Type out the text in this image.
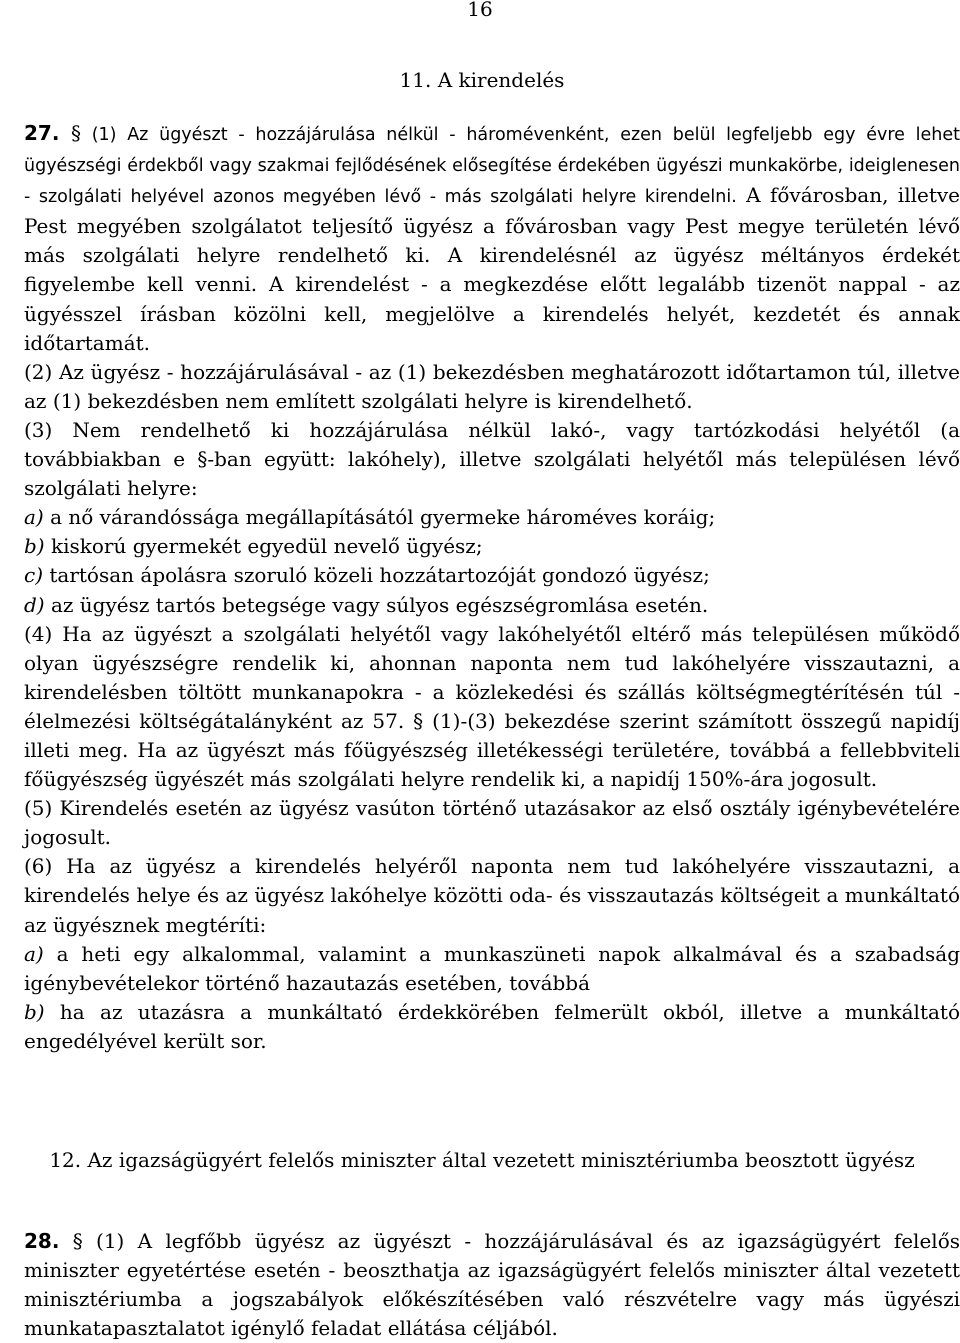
16
11. A kirendelés

27. § (1) Az ügyészt - hozzájárulása nélkül - háromévenként, ezen belül legfeljebb egy évre lehet ügyészségi érdekből vagy szakmai fejlődésének elősegítése érdekében ügyészi munkakörbe, ideiglenesen - szolgálati helyével azonos megyében lévő - más szolgálati helyre kirendelni. A fővárosban, illetve Pest megyében szolgálatot teljesítő ügyész a fővárosban vagy Pest megye területén lévő más szolgálati helyre rendelhető ki. A kirendelésnél az ügyész méltányos érdekét figyelembe kell venni. A kirendelést - a megkezdése előtt legalább tizenöt nappal - az ügyésszel írásban közölni kell, megjelölve a kirendelés helyét, kezdetét és annak időtartamát.

(2) Az ügyész - hozzájárulásával - az (1) bekezdésben meghatározott időtartamon túl, illetve az (1) bekezdésben nem említett szolgálati helyre is kirendelhető.

(3) Nem rendelhető ki hozzájárulása nélkül lakó-, vagy tartózkodási helyétől (a továbbiakban e §-ban együtt: lakóhely), illetve szolgálati helyétől más településen lévő szolgálati helyre:

a) a nő várandóssága megállapításától gyermeke hároméves koráig;

b) kiskorú gyermekét egyedül nevelő ügyész;

c) tartósan ápolásra szoruló közeli hozzátartozóját gondozó ügyész;

d) az ügyész tartós betegsége vagy súlyos egészségromlása esetén.

(4) Ha az ügyészt a szolgálati helyétől vagy lakóhelyétől eltérő más településen működő olyan ügyészségre rendelik ki, ahonnan naponta nem tud lakóhelyére visszautazni, a kirendelésben töltött munkanapokra - a közlekedési és szállás költségmegtérítésén túl - élelmezési költségátalányként az 57. § (1)-(3) bekezdése szerint számított összegű napidíj illeti meg. Ha az ügyészt más főügyészség illetékességi területére, továbbá a fellebbviteli főügyészség ügyészét más szolgálati helyre rendelik ki, a napidíj 150%-ára jogosult.

(5) Kirendelés esetén az ügyész vasúton történő utazásakor az első osztály igénybevételére jogosult.

(6) Ha az ügyész a kirendelés helyéről naponta nem tud lakóhelyére visszautazni, a kirendelés helye és az ügyész lakóhelye közötti oda- és visszautazás költségeit a munkáltató az ügyésznek megtéríti:

a) a heti egy alkalommal, valamint a munkaszüneti napok alkalmával és a szabadság igénybevételekor történő hazautazás esetében, továbbá

b) ha az utazásra a munkáltató érdekkörében felmerült okból, illetve a munkáltató engedélyével került sor.

12. Az igazságügyért felelős miniszter által vezetett minisztériumba beosztott ügyész

28. § (1) A legfőbb ügyész az ügyészt - hozzájárulásával és az igazságügyért felelős miniszter egyetértése esetén - beoszthatja az igazságügyért felelős miniszter által vezetett minisztériumba a jogszabályok előkészítésében való részvételre vagy más ügyészi munkatapasztalatot igénylő feladat ellátása céljából.
